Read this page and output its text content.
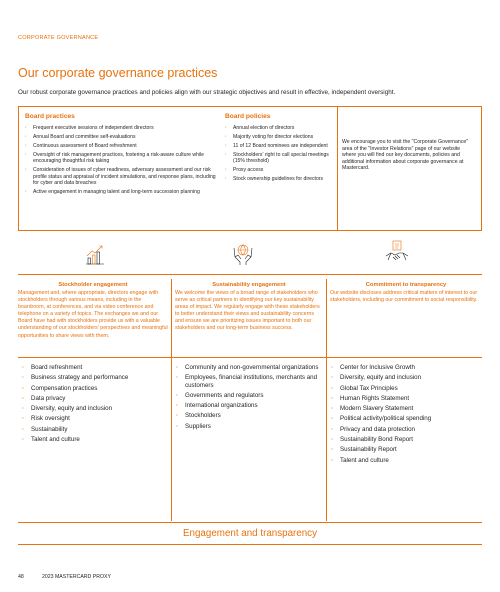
CORPORATE GOVERNANCE
Our corporate governance practices
Our robust corporate governance practices and policies align with our strategic objectives and result in effective, independent oversight.
Board practices
· Frequent executive sessions of independent directors
· Annual Board and committee self-evaluations
· Continuous assessment of Board refreshment
· Oversight of risk management practices, fostering a risk-aware culture while encouraging thoughtful risk taking
· Consideration of issues of cyber readiness, adversary assessment and our risk profile status and appraisal of incident simulations, and response plans, including for cyber and data breaches
· Active engagement in managing talent and long-term succession planning
Board policies
· Annual election of directors
· Majority voting for director elections
· 11 of 12 Board nominees are independent
· Stockholders' right to call special meetings (15% threshold)
· Proxy access
· Stock ownership guidelines for directors
We encourage you to visit the "Corporate Governance" area of the "Investor Relations" page of our website where you will find our key documents, policies and additional information about corporate governance at Mastercard.
Stockholder engagement
Management and, where appropriate, directors engage with stockholders through various means, including in the boardroom, at conferences, and via video conference and telephone on a variety of topics. The exchanges we and our Board have had with stockholders provide us with a valuable understanding of our stockholders' perspectives and meaningful opportunities to share views with them.
Sustainability engagement
We welcome the views of a broad range of stakeholders who serve as critical partners in identifying our key sustainability areas of impact. We regularly engage with these stakeholders to better understand their views and sustainability concerns and ensure we are prioritizing issues important to both our stakeholders and our long-term business success.
Commitment to transparency
Our website discloses address critical matters of interest to our stakeholders, including our commitment to social responsibility.
· Board refreshment
· Business strategy and performance
· Compensation practices
· Data privacy
· Diversity, equity and inclusion
· Risk oversight
· Sustainability
· Talent and culture
· Community and non-governmental organizations
· Employees, financial institutions, merchants and customers
· Governments and regulators
· International organizations
· Stockholders
· Suppliers
· Center for Inclusive Growth
· Diversity, equity and inclusion
· Global Tax Principles
· Human Rights Statement
· Modern Slavery Statement
· Political activity/political spending
· Privacy and data protection
· Sustainability Bond Report
· Sustainability Report
· Talent and culture
Engagement and transparency
48	2023 MASTERCARD PROXY
